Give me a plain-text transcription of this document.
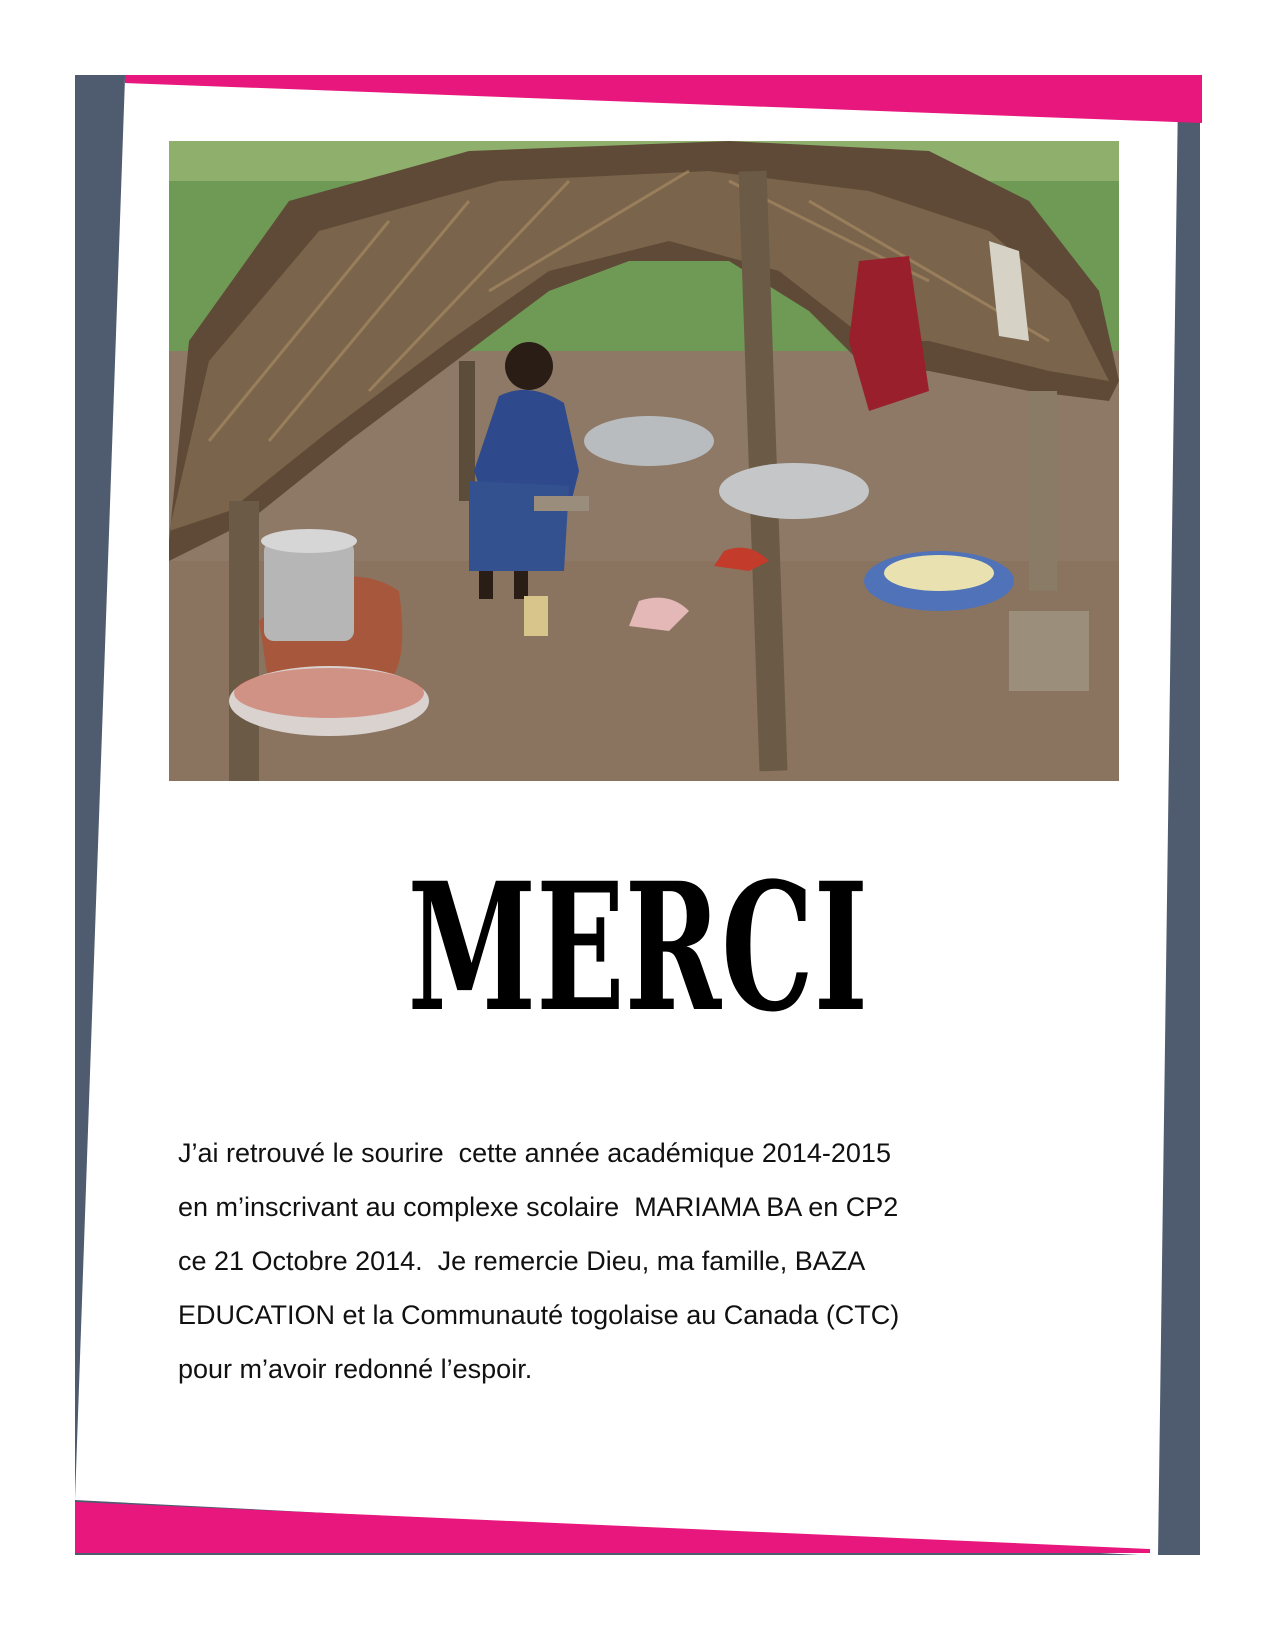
MERCI
J’ai retrouvé le sourire  cette année académique 2014-2015
en m’inscrivant au complexe scolaire  MARIAMA BA en CP2
ce 21 Octobre 2014.  Je remercie Dieu, ma famille, BAZA
EDUCATION et la Communauté togolaise au Canada (CTC)
pour m’avoir redonné l’espoir.
